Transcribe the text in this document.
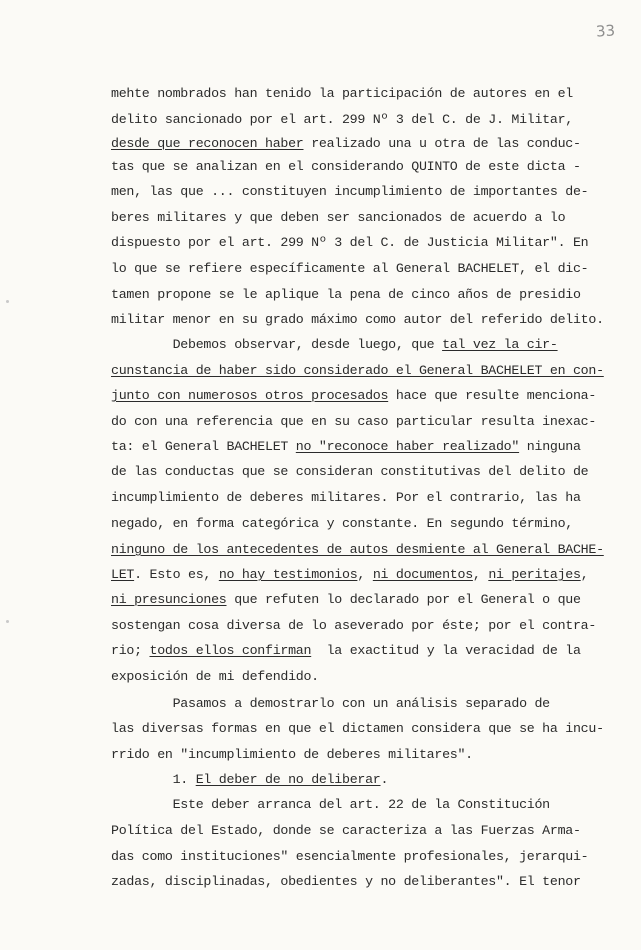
33
mehte nombrados han tenido la participación de autores en el
delito sancionado por el art. 299 Nº 3 del C. de J. Militar,
desde que reconocen haber realizado una u otra de las conduc-
tas que se analizan en el considerando QUINTO de este dicta -
men, las que ... constituyen incumplimiento de importantes de-
beres militares y que deben ser sancionados de acuerdo a lo
dispuesto por el art. 299 Nº 3 del C. de Justicia Militar". En
lo que se refiere específicamente al General BACHELET, el dic-
tamen propone se le aplique la pena de cinco años de presidio
militar menor en su grado máximo como autor del referido delito.
Debemos observar, desde luego, que tal vez la cir-
cunstancia de haber sido considerado el General BACHELET en con-
junto con numerosos otros procesados hace que resulte menciona-
do con una referencia que en su caso particular resulta inexac-
ta: el General BACHELET no "reconoce haber realizado" ninguna
de las conductas que se consideran constitutivas del delito de
incumplimiento de deberes militares. Por el contrario, las ha
negado, en forma categórica y constante. En segundo término,
ninguno de los antecedentes de autos desmiente al General BACHE-
LET. Esto es, no hay testimonios, ni documentos, ni peritajes,
ni presunciones que refuten lo declarado por el General o que
sostengan cosa diversa de lo aseverado por éste; por el contra-
rio; todos ellos confirman  la exactitud y la veracidad de la
exposición de mi defendido.
Pasamos a demostrarlo con un análisis separado de
las diversas formas en que el dictamen considera que se ha incu-
rrido en "incumplimiento de deberes militares".
1. El deber de no deliberar.
Este deber arranca del art. 22 de la Constitución
Política del Estado, donde se caracteriza a las Fuerzas Arma-
das como instituciones" esencialmente profesionales, jerarqui-
zadas, disciplinadas, obedientes y no deliberantes". El tenor
